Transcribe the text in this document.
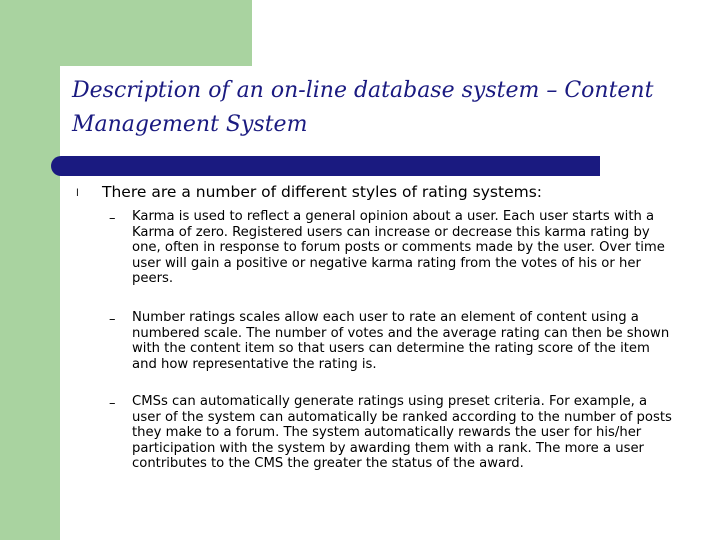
Description of an on-line database system – Content Management System
l There are a number of different styles of rating systems:
– Karma is used to reflect a general opinion about a user. Each user starts with a Karma of zero. Registered users can increase or decrease this karma rating by one, often in response to forum posts or comments made by the user. Over time user will gain a positive or negative karma rating from the votes of his or her peers.
– Number ratings scales allow each user to rate an element of content using a numbered scale. The number of votes and the average rating can then be shown with the content item so that users can determine the rating score of the item and how representative the rating is.
– CMSs can automatically generate ratings using preset criteria. For example, a user of the system can automatically be ranked according to the number of posts they make to a forum. The system automatically rewards the user for his/her participation with the system by awarding them with a rank. The more a user contributes to the CMS the greater the status of the award.
